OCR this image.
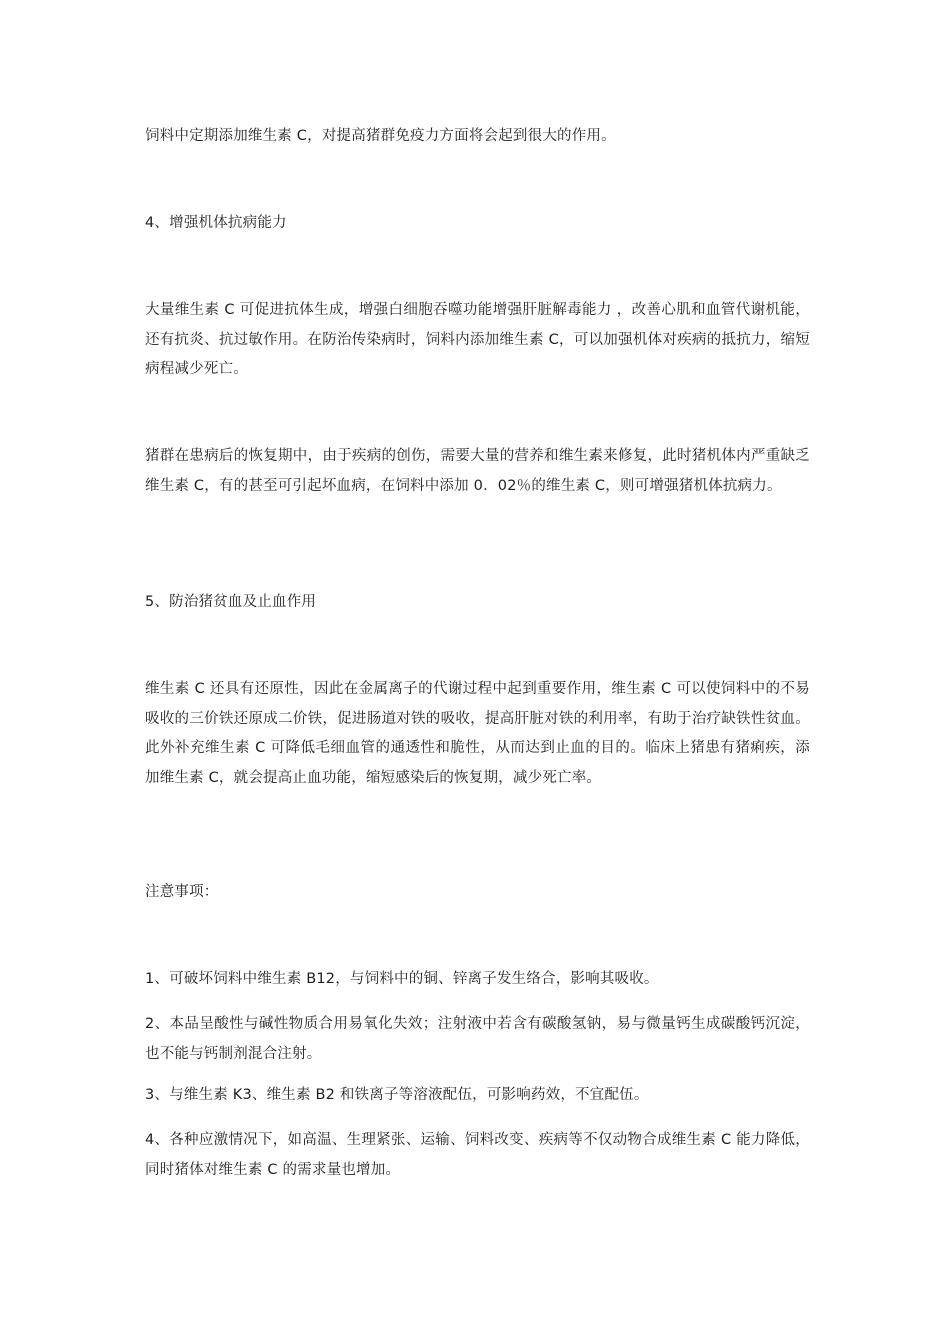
饲料中定期添加维生素 C，对提高猪群免疫力方面将会起到很大的作用。

4、增强机体抗病能力

大量维生素 C 可促进抗体生成，增强白细胞吞噬功能增强肝脏解毒能力 ，改善心肌和血管代谢机能，还有抗炎、抗过敏作用。在防治传染病时，饲料内添加维生素 C，可以加强机体对疾病的抵抗力，缩短病程减少死亡。

猪群在患病后的恢复期中，由于疾病的创伤，需要大量的营养和维生素来修复，此时猪机体内严重缺乏维生素 C，有的甚至可引起坏血病，在饲料中添加 0．02％的维生素 C，则可增强猪机体抗病力。

5、防治猪贫血及止血作用

维生素 C 还具有还原性，因此在金属离子的代谢过程中起到重要作用，维生素 C 可以使饲料中的不易吸收的三价铁还原成二价铁，促进肠道对铁的吸收，提高肝脏对铁的利用率，有助于治疗缺铁性贫血。此外补充维生素 C 可降低毛细血管的通透性和脆性，从而达到止血的目的。临床上猪患有猪痢疾，添加维生素 C，就会提高止血功能，缩短感染后的恢复期，减少死亡率。

注意事项：

1、可破坏饲料中维生素 B12，与饲料中的铜、锌离子发生络合，影响其吸收。

2、本品呈酸性与碱性物质合用易氧化失效；注射液中若含有碳酸氢钠，易与微量钙生成碳酸钙沉淀，也不能与钙制剂混合注射。

3、与维生素 K3、维生素 B2 和铁离子等溶液配伍，可影响药效，不宜配伍。

4、各种应激情况下，如高温、生理紧张、运输、饲料改变、疾病等不仅动物合成维生素 C 能力降低，同时猪体对维生素 C 的需求量也增加。
